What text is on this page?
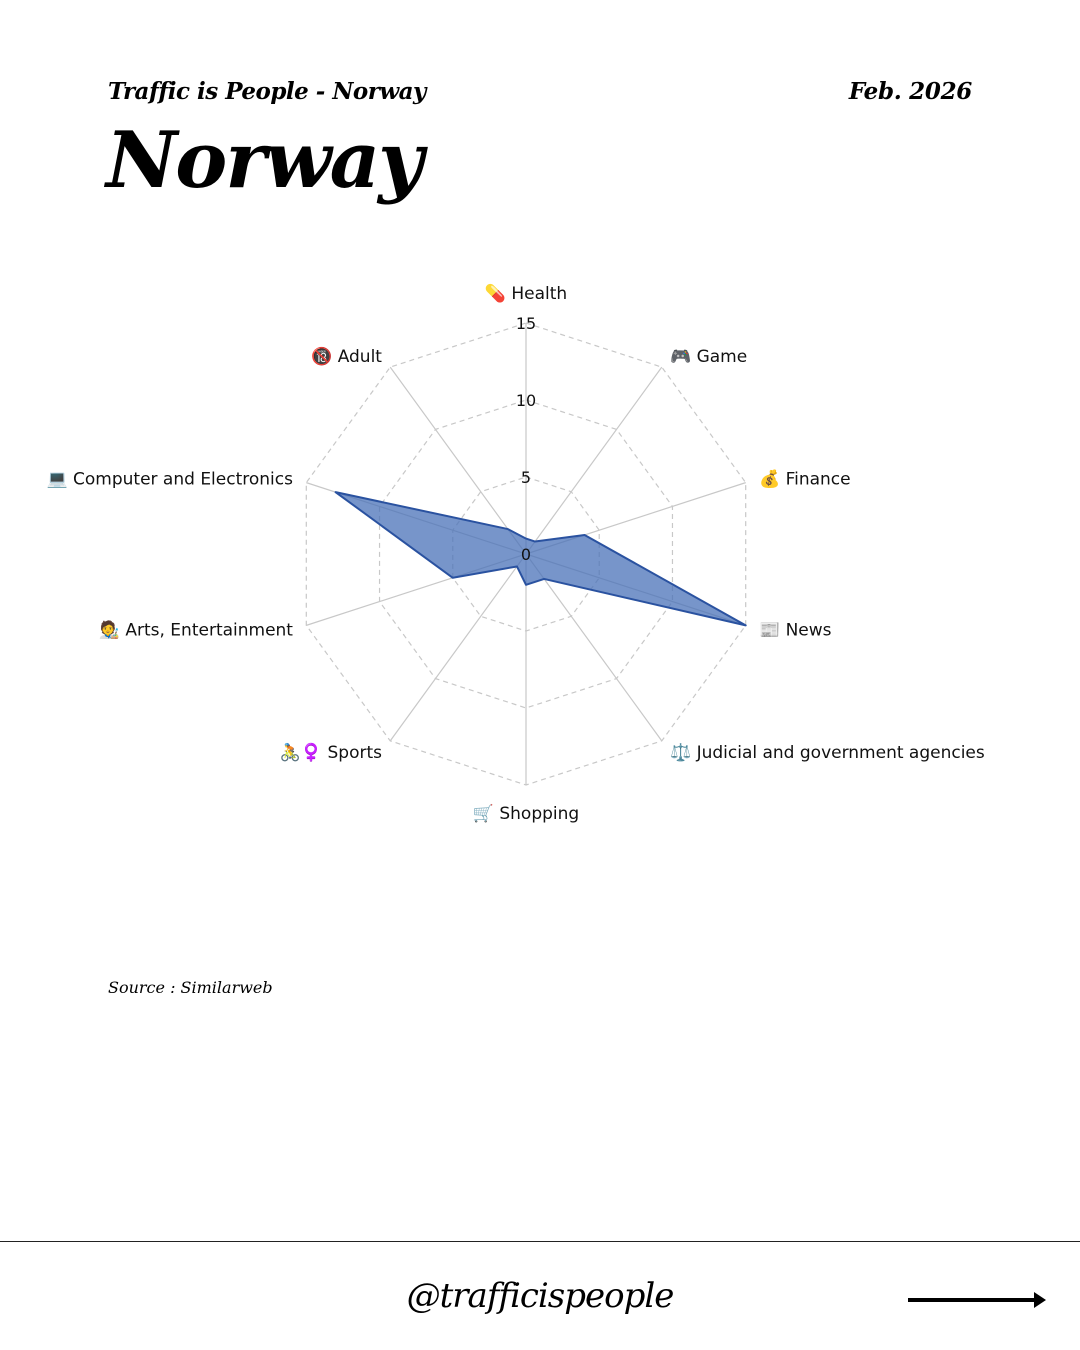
Traffic is People - Norway	Feb. 2026
Norway
0
5
10
15
💊 Health
🎮 Game
💰 Finance
📰 News
⚖️ Judicial and government agencies
🛒 Shopping
🚴♀️ Sports
🧑‍🎨 Arts, Entertainment
💻 Computer and Electronics
🔞 Adult
Source : Similarweb
@trafficispeople
